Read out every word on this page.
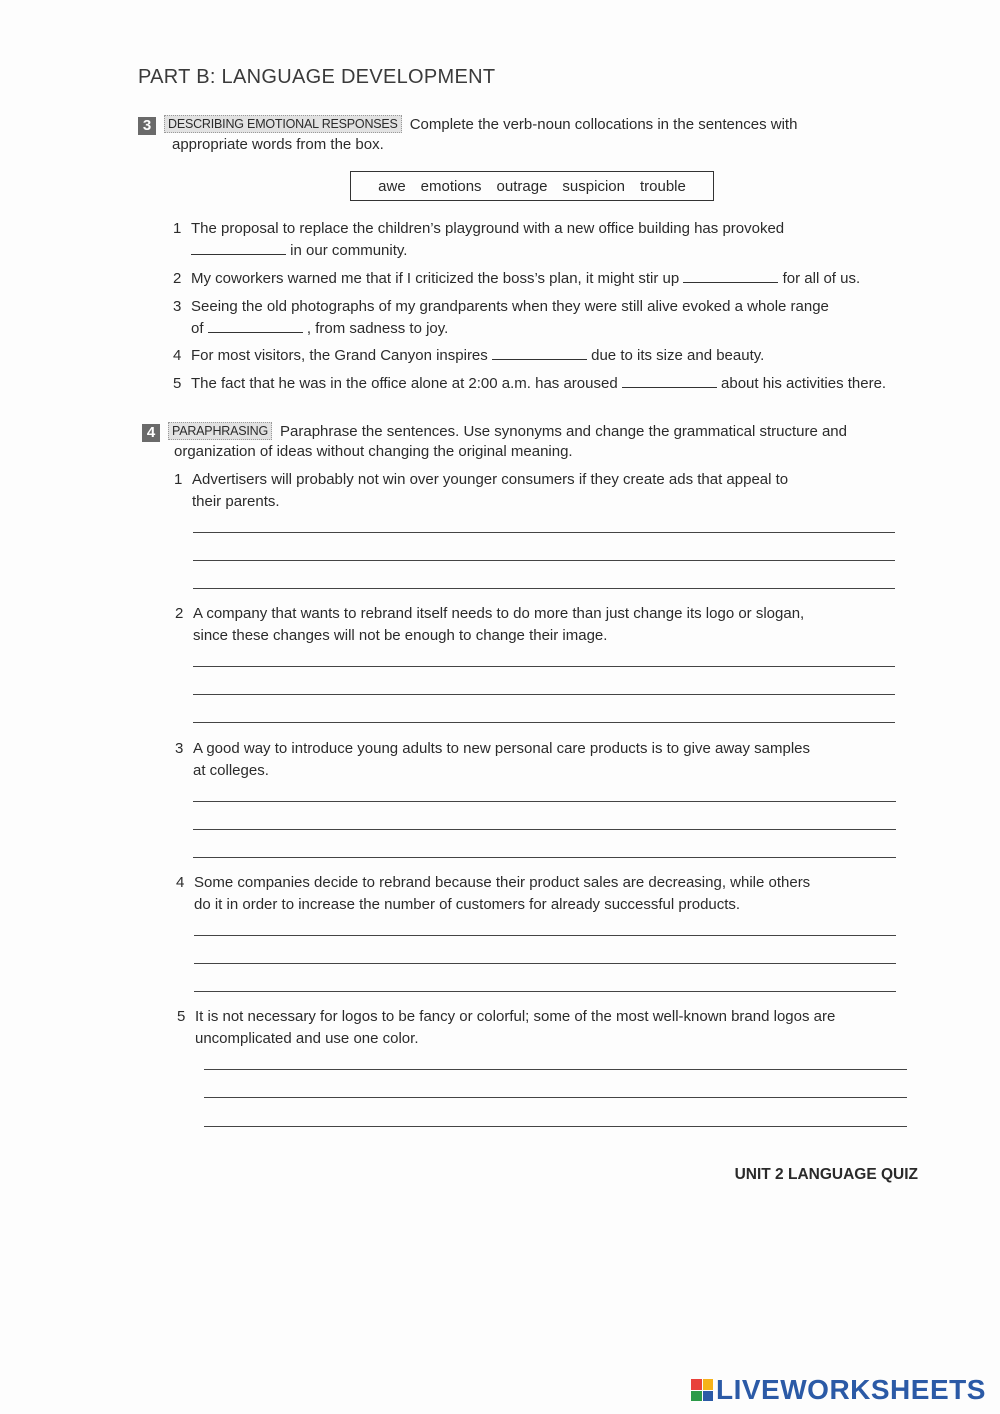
PART B: LANGUAGE DEVELOPMENT
3 DESCRIBING EMOTIONAL RESPONSES Complete the verb-noun collocations in the sentences with
appropriate words from the box.
awe emotions outrage suspicion trouble
1 The proposal to replace the children’s playground with a new office building has provoked
in our community.
2 My coworkers warned me that if I criticized the boss’s plan, it might stir up	for all of us.
3 Seeing the old photographs of my grandparents when they were still alive evoked a whole range
of	, from sadness to joy.
4 For most visitors, the Grand Canyon inspires	due to its size and beauty.
5 The fact that he was in the office alone at 2:00 a.m. has aroused	about his activities there.
4 PARAPHRASING Paraphrase the sentences. Use synonyms and change the grammatical structure and
organization of ideas without changing the original meaning.
1 Advertisers will probably not win over younger consumers if they create ads that appeal to
their parents.
2 A company that wants to rebrand itself needs to do more than just change its logo or slogan,
since these changes will not be enough to change their image.
3 A good way to introduce young adults to new personal care products is to give away samples
at colleges.
4 Some companies decide to rebrand because their product sales are decreasing, while others
do it in order to increase the number of customers for already successful products.
5 It is not necessary for logos to be fancy or colorful; some of the most well-known brand logos are
uncomplicated and use one color.
UNIT 2 LANGUAGE QUIZ
LIVEWORKSHEETS
